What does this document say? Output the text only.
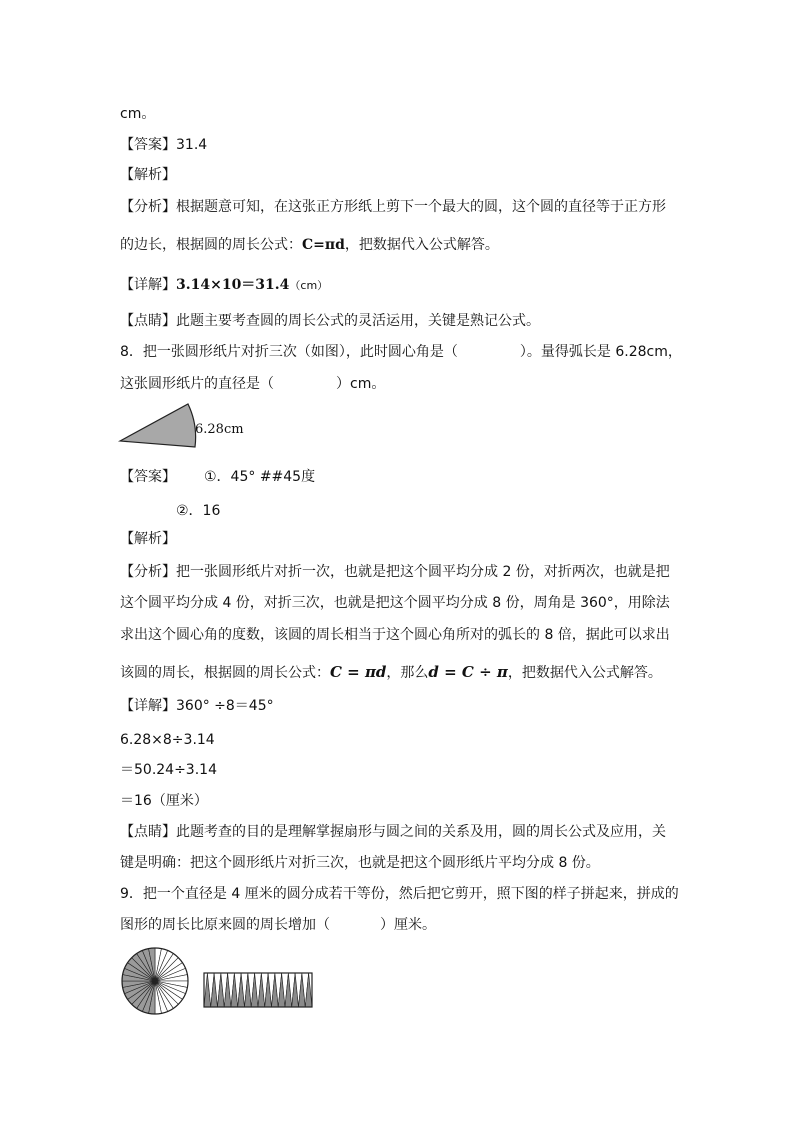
cm。
【答案】31.4
【解析】
【分析】根据题意可知，在这张正方形纸上剪下一个最大的圆，这个圆的直径等于正方形
的边长，根据圆的周长公式：C=πd，把数据代入公式解答。
【详解】3.14×10＝31.4（cm）
【点睛】此题主要考查圆的周长公式的灵活运用，关键是熟记公式。
8．把一张圆形纸片对折三次（如图），此时圆心角是（	）。量得弧长是 6.28cm，
这张圆形纸片的直径是（	）cm。
6.28cm
【答案】 ①．45° ##45度
②．16
【解析】
【分析】把一张圆形纸片对折一次，也就是把这个圆平均分成 2 份，对折两次，也就是把
这个圆平均分成 4 份，对折三次，也就是把这个圆平均分成 8 份，周角是 360°，用除法
求出这个圆心角的度数，该圆的周长相当于这个圆心角所对的弧长的 8 倍，据此可以求出
该圆的周长，根据圆的周长公式：C = πd，那么d = C ÷ π，把数据代入公式解答。
【详解】360° ÷8＝45°
6.28×8÷3.14
＝50.24÷3.14
＝16（厘米）
【点睛】此题考查的目的是理解掌握扇形与圆之间的关系及用，圆的周长公式及应用，关
键是明确：把这个圆形纸片对折三次，也就是把这个圆形纸片平均分成 8 份。
9．把一个直径是 4 厘米的圆分成若干等份，然后把它剪开，照下图的样子拼起来，拼成的
图形的周长比原来圆的周长增加（	）厘米。
